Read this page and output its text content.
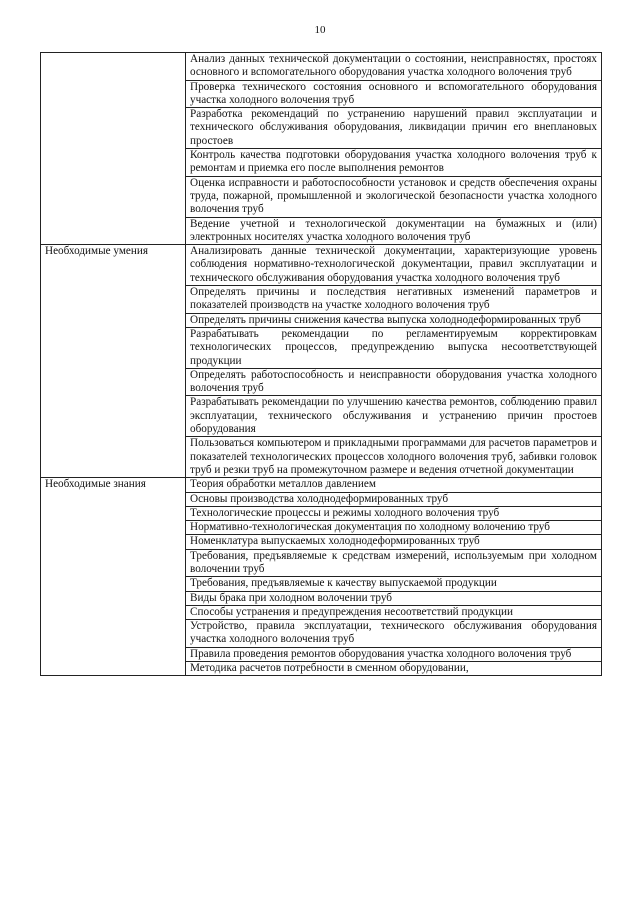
10
	Анализ данных технической документации о состоянии, неисправностях, простоях основного и вспомогательного оборудования участка холодного волочения труб
	Проверка технического состояния основного и вспомогательного оборудования участка холодного волочения труб
	Разработка рекомендаций по устранению нарушений правил эксплуатации и технического обслуживания оборудования, ликвидации причин его внеплановых простоев
	Контроль качества подготовки оборудования участка холодного волочения труб к ремонтам и приемка его после выполнения ремонтов
	Оценка исправности и работоспособности установок и средств обеспечения охраны труда, пожарной, промышленной и экологической безопасности участка холодного волочения труб
	Ведение учетной и технологической документации на бумажных и (или) электронных носителях участка холодного волочения труб
Необходимые умения	Анализировать данные технической документации, характеризующие уровень соблюдения нормативно-технологической документации, правил эксплуатации и технического обслуживания оборудования участка холодного волочения труб
	Определять причины и последствия негативных изменений параметров и показателей производств на участке холодного волочения труб
	Определять причины снижения качества выпуска холоднодеформированных труб
	Разрабатывать рекомендации по регламентируемым корректировкам технологических процессов, предупреждению выпуска несоответствующей продукции
	Определять работоспособность и неисправности оборудования участка холодного волочения труб
	Разрабатывать рекомендации по улучшению качества ремонтов, соблюдению правил эксплуатации, технического обслуживания и устранению причин простоев оборудования
	Пользоваться компьютером и прикладными программами для расчетов параметров и показателей технологических процессов холодного волочения труб, забивки головок труб и резки труб на промежуточном размере и ведения отчетной документации
Необходимые знания	Теория обработки металлов давлением
	Основы производства холоднодеформированных труб
	Технологические процессы и режимы холодного волочения труб
	Нормативно-технологическая документация по холодному волочению труб
	Номенклатура выпускаемых холоднодеформированных труб
	Требования, предъявляемые к средствам измерений, используемым при холодном волочении труб
	Требования, предъявляемые к качеству выпускаемой продукции
	Виды брака при холодном волочении труб
	Способы устранения и предупреждения несоответствий продукции
	Устройство, правила эксплуатации, технического обслуживания оборудования участка холодного волочения труб
	Правила проведения ремонтов оборудования участка холодного волочения труб
	Методика расчетов потребности в сменном оборудовании,
